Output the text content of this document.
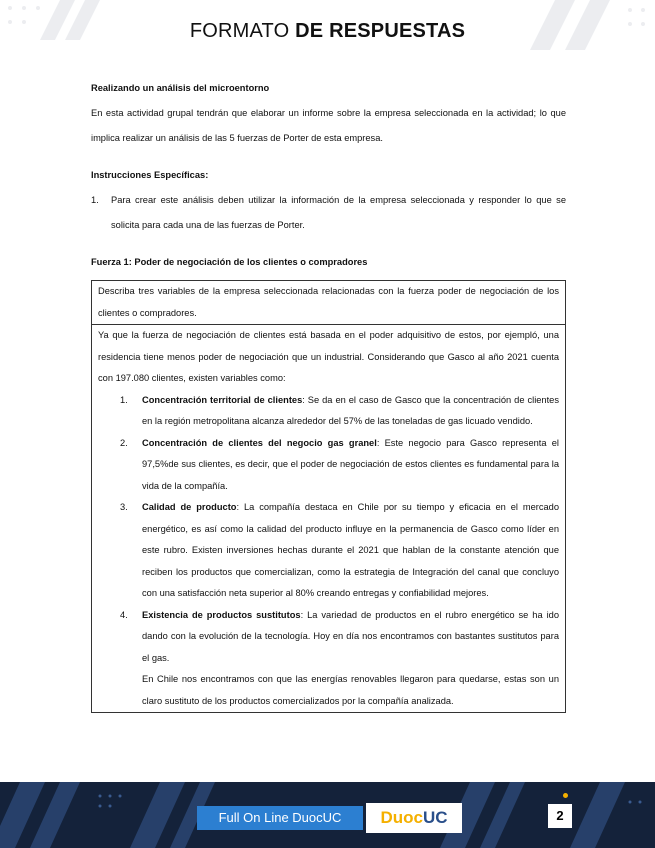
FORMATO DE RESPUESTAS
Realizando un análisis del microentorno
En esta actividad grupal tendrán que elaborar un informe sobre la empresa seleccionada en la actividad; lo que implica realizar un análisis de las 5 fuerzas de Porter de esta empresa.
Instrucciones Específicas:
1.	Para crear este análisis deben utilizar la información de la empresa seleccionada y responder lo que se solicita para cada una de las fuerzas de Porter.
Fuerza 1: Poder de negociación de los clientes o compradores
Describa tres variables de la empresa seleccionada relacionadas con la fuerza poder de negociación de los clientes o compradores.

Ya que la fuerza de negociación de clientes está basada en el poder adquisitivo de estos, por ejempló, una residencia tiene menos poder de negociación que un industrial. Considerando que Gasco al año 2021 cuenta con 197.080 clientes, existen variables como:
1.	Concentración territorial de clientes: Se da en el caso de Gasco que la concentración de clientes en la región metropolitana alcanza alrededor del 57% de las toneladas de gas licuado vendido.
2.	Concentración de clientes del negocio gas granel: Este negocio para Gasco representa el 97,5%de sus clientes, es decir, que el poder de negociación de estos clientes es fundamental para la vida de la compañía.
3.	Calidad de producto: La compañía destaca en Chile por su tiempo y eficacia en el mercado energético, es así como la calidad del producto influye en la permanencia de Gasco como líder en este rubro. Existen inversiones hechas durante el 2021 que hablan de la constante atención que reciben los productos que comercializan, como la estrategia de Integración del canal que concluyo con una satisfacción neta superior al 80% creando entregas y confiabilidad mejores.
4.	Existencia de productos sustitutos: La variedad de productos en el rubro energético se ha ido dando con la evolución de la tecnología. Hoy en día nos encontramos con bastantes sustitutos para el gas.
En Chile nos encontramos con que las energías renovables llegaron para quedarse, estas son un claro sustituto de los productos comercializados por la compañía analizada.
Full On Line DuocUC	DuocUC	2
